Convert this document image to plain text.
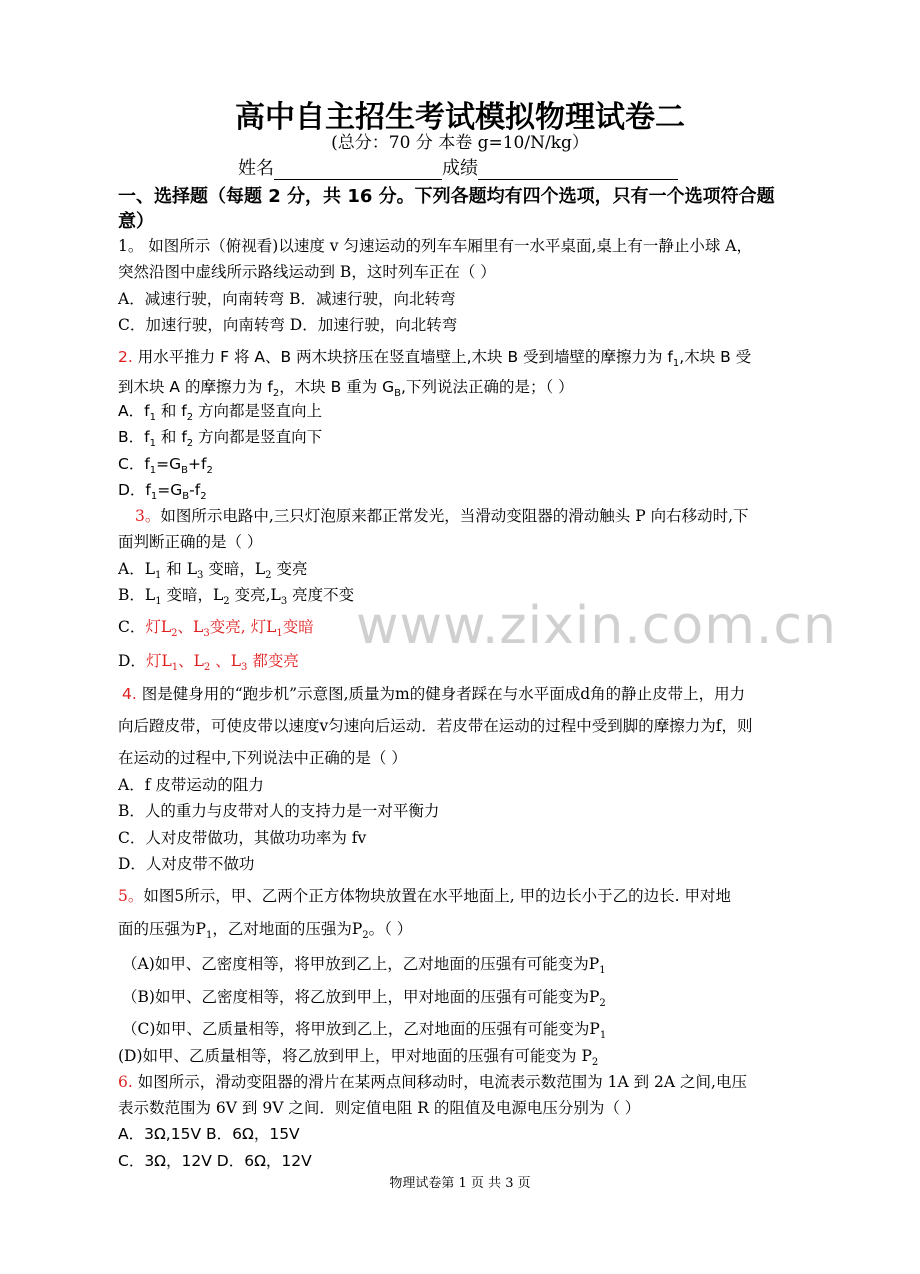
高中自主招生考试模拟物理试卷二
(总分：70 分 本卷 g=10/N/kg）
姓名	成绩
一、选择题（每题 2 分，共 16 分。下列各题均有四个选项，只有一个选项符合题
意）
1。 如图所示（俯视看)以速度 v 匀速运动的列车车厢里有一水平桌面,桌上有一静止小球 A，
突然沿图中虚线所示路线运动到 B，这时列车正在（ ）
A．减速行驶，向南转弯 B．减速行驶，向北转弯
C．加速行驶，向南转弯 D．加速行驶，向北转弯
2. 用水平推力 F 将 A、B 两木块挤压在竖直墙壁上,木块 B 受到墙壁的摩擦力为 $f_1$,木块 B 受
到木块 A 的摩擦力为 $f_2$，木块 B 重为 $G_B$,下列说法正确的是；（ ）
A．$f_1$ 和 $f_2$ 方向都是竖直向上
B．$f_1$ 和 $f_2$ 方向都是竖直向下
C．$f_1=G_B+f_2$
D．$f_1=G_B-f_2$
3。如图所示电路中,三只灯泡原来都正常发光，当滑动变阻器的滑动触头 P 向右移动时,下
面判断正确的是（ ）
A．$L_1$ 和 $L_3$ 变暗，$L_2$ 变亮
B．$L_1$ 变暗，$L_2$ 变亮$,L_3$ 亮度不变
C．灯$L_2$、$L_3$变亮, 灯$L_1$变暗
D．灯$L_1$、$L_2$ 、$L_3$ 都变亮
4. 图是健身用的“跑步机”示意图,质量为m的健身者踩在与水平面成d角的静止皮带上，用力
向后蹬皮带，可使皮带以速度v匀速向后运动．若皮带在运动的过程中受到脚的摩擦力为f，则
在运动的过程中,下列说法中正确的是（ ）
A．f 皮带运动的阻力
B．人的重力与皮带对人的支持力是一对平衡力
C．人对皮带做功，其做功功率为 fv
D．人对皮带不做功
5。如图5所示，甲、乙两个正方体物块放置在水平地面上, 甲的边长小于乙的边长. 甲对地
面的压强为$P_1$，乙对地面的压强为$P_2$。（ ）
（A)如甲、乙密度相等，将甲放到乙上，乙对地面的压强有可能变为$P_1$
（B)如甲、乙密度相等，将乙放到甲上，甲对地面的压强有可能变为$P_2$
（C)如甲、乙质量相等，将甲放到乙上，乙对地面的压强有可能变为$P_1$
(D)如甲、乙质量相等，将乙放到甲上，甲对地面的压强有可能变为 $P_2$
6. 如图所示，滑动变阻器的滑片在某两点间移动时，电流表示数范围为 1A 到 2A 之间,电压
表示数范围为 6V 到 9V 之间．则定值电阻 R 的阻值及电源电压分别为（ ）
A．3Ω,15V B．6Ω，15V
C．3Ω，12V D．6Ω，12V
物理试卷第 1 页 共 3 页
www.zixin.com.cn
